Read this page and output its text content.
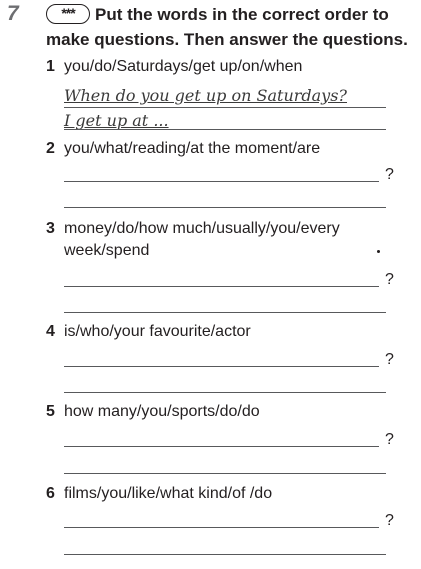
7	***	Put the words in the correct order to
make questions. Then answer the questions.
1 you/do/Saturdays/get up/on/when
When do you get up on Saturdays?
I get up at ...
2 you/what/reading/at the moment/are
?
3 money/do/how much/usually/you/every
week/spend
?
4 is/who/your favourite/actor
?
5 how many/you/sports/do/do
?
6 films/you/like/what kind/of /do
?
